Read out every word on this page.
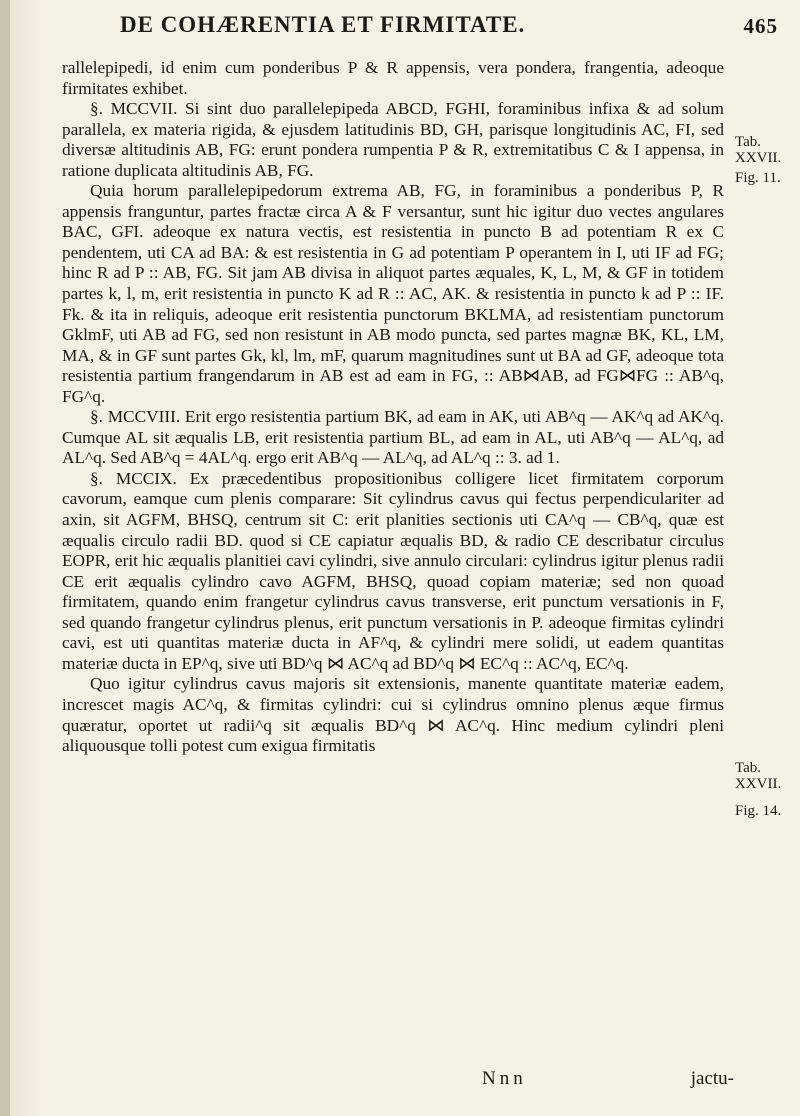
DE COHÆRENTIA ET FIRMITATE.	465
Tab. XXVII.
Fig. 11.
Tab. XXVII.
Fig. 14.

rallelepipedi, id enim cum ponderibus P & R appensis, vera pondera, frangentia, adeoque firmitates exhibet.

§. MCCVII. Si sint duo parallelepipeda ABCD, FGHI, foraminibus infixa & ad solum parallela, ex materia rigida, & ejusdem latitudinis BD, GH, parisque longitudinis AC, FI, sed diversæ altitudinis AB, FG: erunt pondera rumpentia P & R, extremitatibus C & I appensa, in ratione duplicata altitudinis AB, FG.

Quia horum parallelepipedorum extrema AB, FG, in foraminibus a ponderibus P, R appensis franguntur, partes fractæ circa A & F versantur, sunt hic igitur duo vectes angulares BAC, GFI. adeoque ex natura vectis, est resistentia in puncto B ad potentiam R ex C pendentem, uti CA ad BA: & est resistentia in G ad potentiam P operantem in I, uti IF ad FG; hinc R ad P :: AB, FG. Sit jam AB divisa in aliquot partes æquales, K, L, M, & GF in totidem partes k, l, m, erit resistentia in puncto K ad R :: AC, AK. & resistentia in puncto k ad P :: IF. Fk. & ita in reliquis, adeoque erit resistentia punctorum BKLMA, ad resistentiam punctorum GklmF, uti AB ad FG, sed non resistunt in AB modo puncta, sed partes magnæ BK, KL, LM, MA, & in GF sunt partes Gk, kl, lm, mF, quarum magnitudines sunt ut BA ad GF, adeoque tota resistentia partium frangendarum in AB est ad eam in FG, :: AB⋈AB, ad FG⋈FG :: AB^q, FG^q.

§. MCCVIII. Erit ergo resistentia partium BK, ad eam in AK, uti AB^q — AK^q ad AK^q. Cumque AL sit æqualis LB, erit resistentia partium BL, ad eam in AL, uti AB^q — AL^q, ad AL^q. Sed AB^q = 4AL^q. ergo erit AB^q — AL^q, ad AL^q :: 3. ad 1.

§. MCCIX. Ex præcedentibus propositionibus colligere licet firmitatem corporum cavorum, eamque cum plenis comparare: Sit cylindrus cavus qui fectus perpendiculariter ad axin, sit AGFM, BHSQ, centrum sit C: erit planities sectionis uti CA^q — CB^q, quæ est æqualis circulo radii BD. quod si CE capiatur æqualis BD, & radio CE describatur circulus EOPR, erit hic æqualis planitiei cavi cylindri, sive annulo circulari: cylindrus igitur plenus radii CE erit æqualis cylindro cavo AGFM, BHSQ, quoad copiam materiæ; sed non quoad firmitatem, quando enim frangetur cylindrus cavus transverse, erit punctum versationis in F, sed quando frangetur cylindrus plenus, erit punctum versationis in P. adeoque firmitas cylindri cavi, est uti quantitas materiæ ducta in AF^q, & cylindri mere solidi, ut eadem quantitas materiæ ducta in EP^q, sive uti BD^q ⋈ AC^q ad BD^q ⋈ EC^q :: AC^q, EC^q.

Quo igitur cylindrus cavus majoris sit extensionis, manente quantitate materiæ eadem, increscet magis AC^q, & firmitas cylindri: cui si cylindrus omnino plenus æque firmus quæratur, oportet ut radii^q sit æqualis BD^q ⋈ AC^q. Hinc medium cylindri pleni aliquousque tolli potest cum exigua firmitatis

Nnn	jactu-
